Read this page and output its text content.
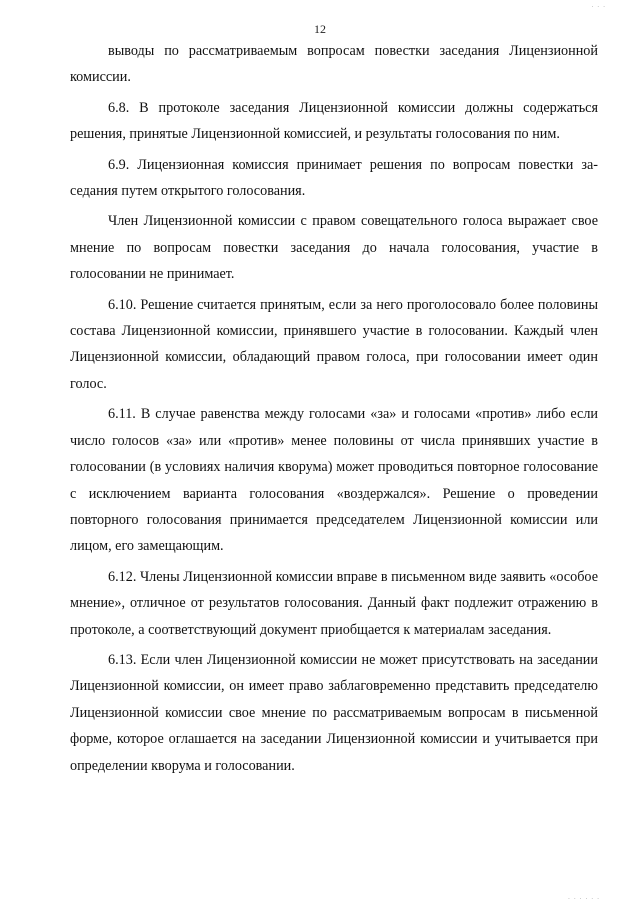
. . .
12

выводы по рассматриваемым вопросам повестки заседания Лицензионной комиссии.

6.8. В протоколе заседания Лицензионной комиссии должны содержаться решения, принятые Лицензионной комиссией, и результаты голосования по ним.

6.9. Лицензионная комиссия принимает решения по вопросам повестки заседания путем открытого голосования.

Член Лицензионной комиссии с правом совещательного голоса выражает свое мнение по вопросам повестки заседания до начала голосования, участие в голосовании не принимает.

6.10. Решение считается принятым, если за него проголосовало более половины состава Лицензионной комиссии, принявшего участие в голосовании. Каждый член Лицензионной комиссии, обладающий правом голоса, при голосовании имеет один голос.

6.11. В случае равенства между голосами «за» и голосами «против» либо если число голосов «за» или «против» менее половины от числа принявших участие в голосовании (в условиях наличия кворума) может проводиться повторное голосование с исключением варианта голосования «воздержался». Решение о проведении повторного голосования принимается председателем Лицензионной комиссии или лицом, его замещающим.

6.12. Члены Лицензионной комиссии вправе в письменном виде заявить «особое мнение», отличное от результатов голосования. Данный факт подлежит отражению в протоколе, а соответствующий документ приобщается к материалам заседания.

6.13. Если член Лицензионной комиссии не может присутствовать на заседании Лицензионной комиссии, он имеет право заблаговременно представить председателю Лицензионной комиссии свое мнение по рассматриваемым вопросам в письменной форме, которое оглашается на заседании Лицензионной комиссии и учитывается при определении кворума и голосовании.

. . . . . .
